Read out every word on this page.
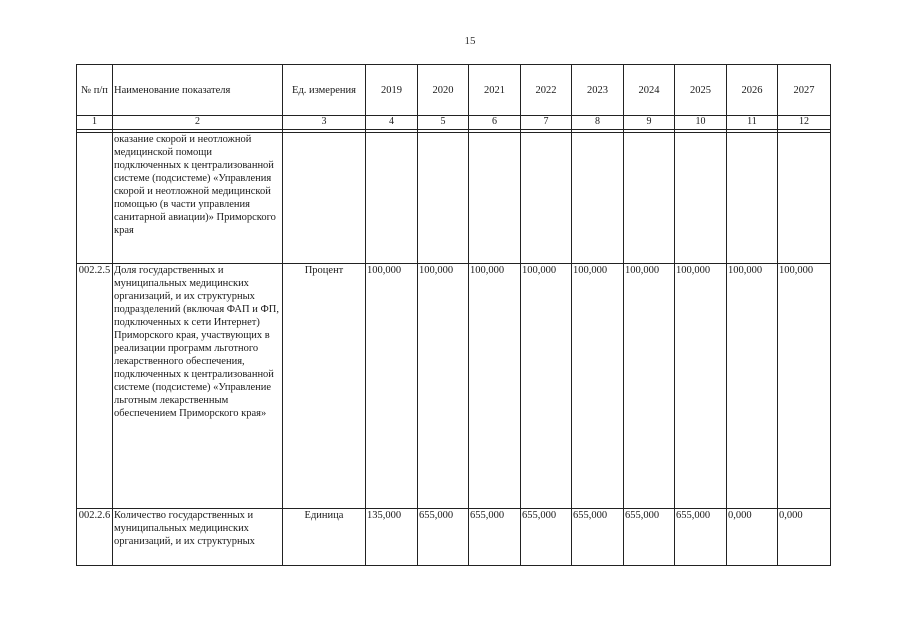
15
№ п/п	Наименование показателя	Ед. измерения	2019	2020	2021	2022	2023	2024	2025	2026	2027
1	2	3	4	5	6	7	8	9	10	11	12

	оказание скорой и неотложной медицинской помощи подключенных к централизованной системе (подсистеме) «Управления скорой и неотложной медицинской помощью (в части управления санитарной авиации)» Приморского края										
002.2.5	Доля государственных и муниципальных медицинских организаций, и их структурных подразделений (включая ФАП и ФП, подключенных к сети Интернет) Приморского края, участвующих в реализации программ льготного лекарственного обеспечения, подключенных к централизованной системе (подсистеме) «Управление льготным лекарственным обеспечением Приморского края»	Процент	100,000	100,000	100,000	100,000	100,000	100,000	100,000	100,000	100,000
002.2.6	Количество государственных и муниципальных медицинских организаций, и их структурных	Единица	135,000	655,000	655,000	655,000	655,000	655,000	655,000	0,000	0,000
